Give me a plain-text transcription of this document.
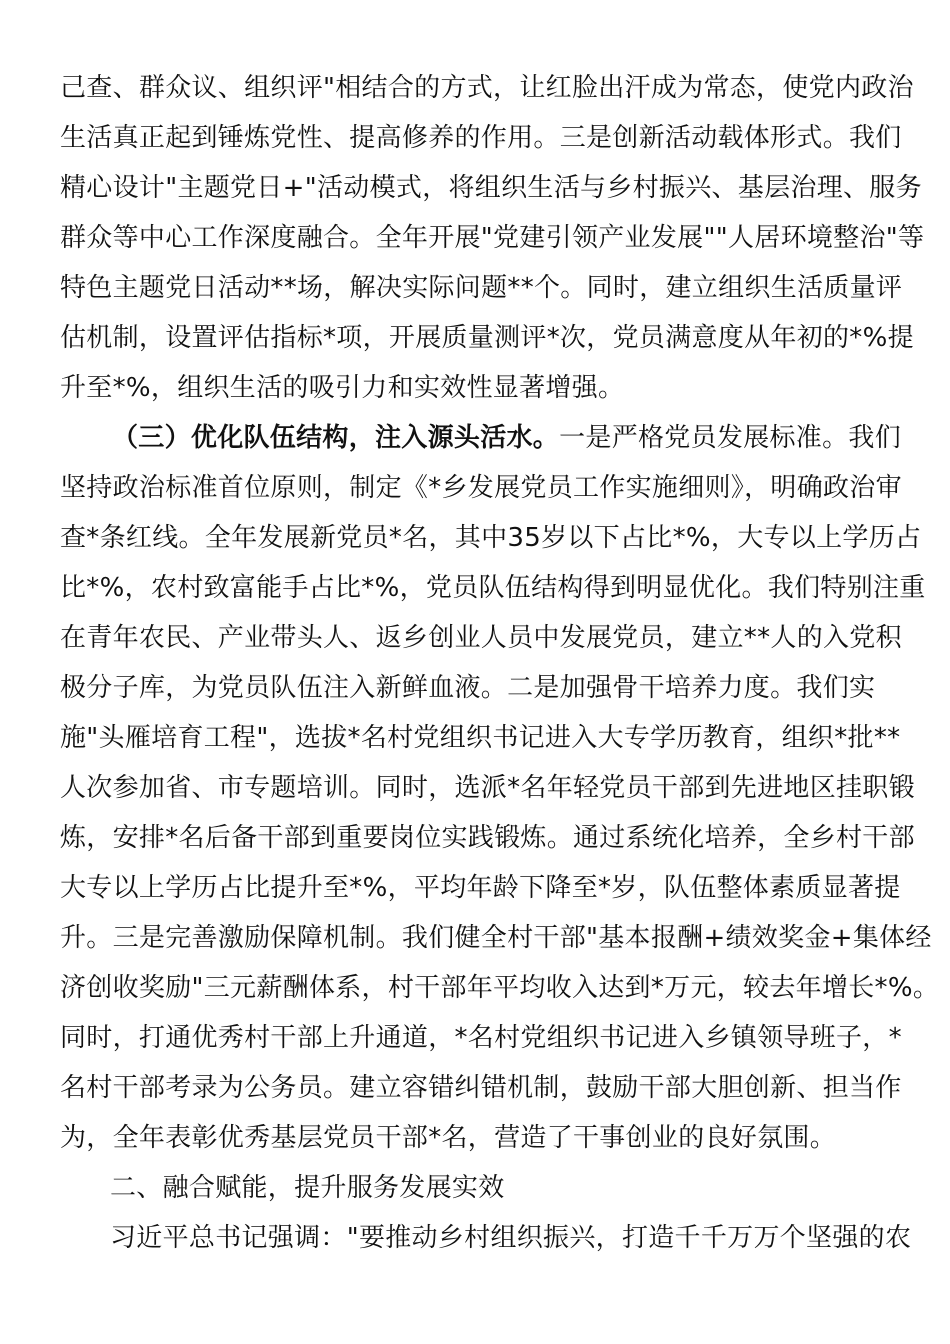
己查、群众议、组织评"相结合的方式，让红脸出汗成为常态，使党内政治
生活真正起到锤炼党性、提高修养的作用。三是创新活动载体形式。我们
精心设计"主题党日+"活动模式，将组织生活与乡村振兴、基层治理、服务
群众等中心工作深度融合。全年开展"党建引领产业发展""人居环境整治"等
特色主题党日活动**场，解决实际问题**个。同时，建立组织生活质量评
估机制，设置评估指标*项，开展质量测评*次，党员满意度从年初的*%提
升至*%，组织生活的吸引力和实效性显著增强。
（三）优化队伍结构，注入源头活水。一是严格党员发展标准。我们
坚持政治标准首位原则，制定《*乡发展党员工作实施细则》，明确政治审
查*条红线。全年发展新党员*名，其中35岁以下占比*%，大专以上学历占
比*%，农村致富能手占比*%，党员队伍结构得到明显优化。我们特别注重
在青年农民、产业带头人、返乡创业人员中发展党员，建立**人的入党积
极分子库，为党员队伍注入新鲜血液。二是加强骨干培养力度。我们实
施"头雁培育工程"，选拔*名村党组织书记进入大专学历教育，组织*批**
人次参加省、市专题培训。同时，选派*名年轻党员干部到先进地区挂职锻
炼，安排*名后备干部到重要岗位实践锻炼。通过系统化培养，全乡村干部
大专以上学历占比提升至*%，平均年龄下降至*岁，队伍整体素质显著提
升。三是完善激励保障机制。我们健全村干部"基本报酬+绩效奖金+集体经
济创收奖励"三元薪酬体系，村干部年平均收入达到*万元，较去年增长*%。
同时，打通优秀村干部上升通道，*名村党组织书记进入乡镇领导班子，*
名村干部考录为公务员。建立容错纠错机制，鼓励干部大胆创新、担当作
为，全年表彰优秀基层党员干部*名，营造了干事创业的良好氛围。
二、融合赋能，提升服务发展实效
习近平总书记强调："要推动乡村组织振兴，打造千千万万个坚强的农
